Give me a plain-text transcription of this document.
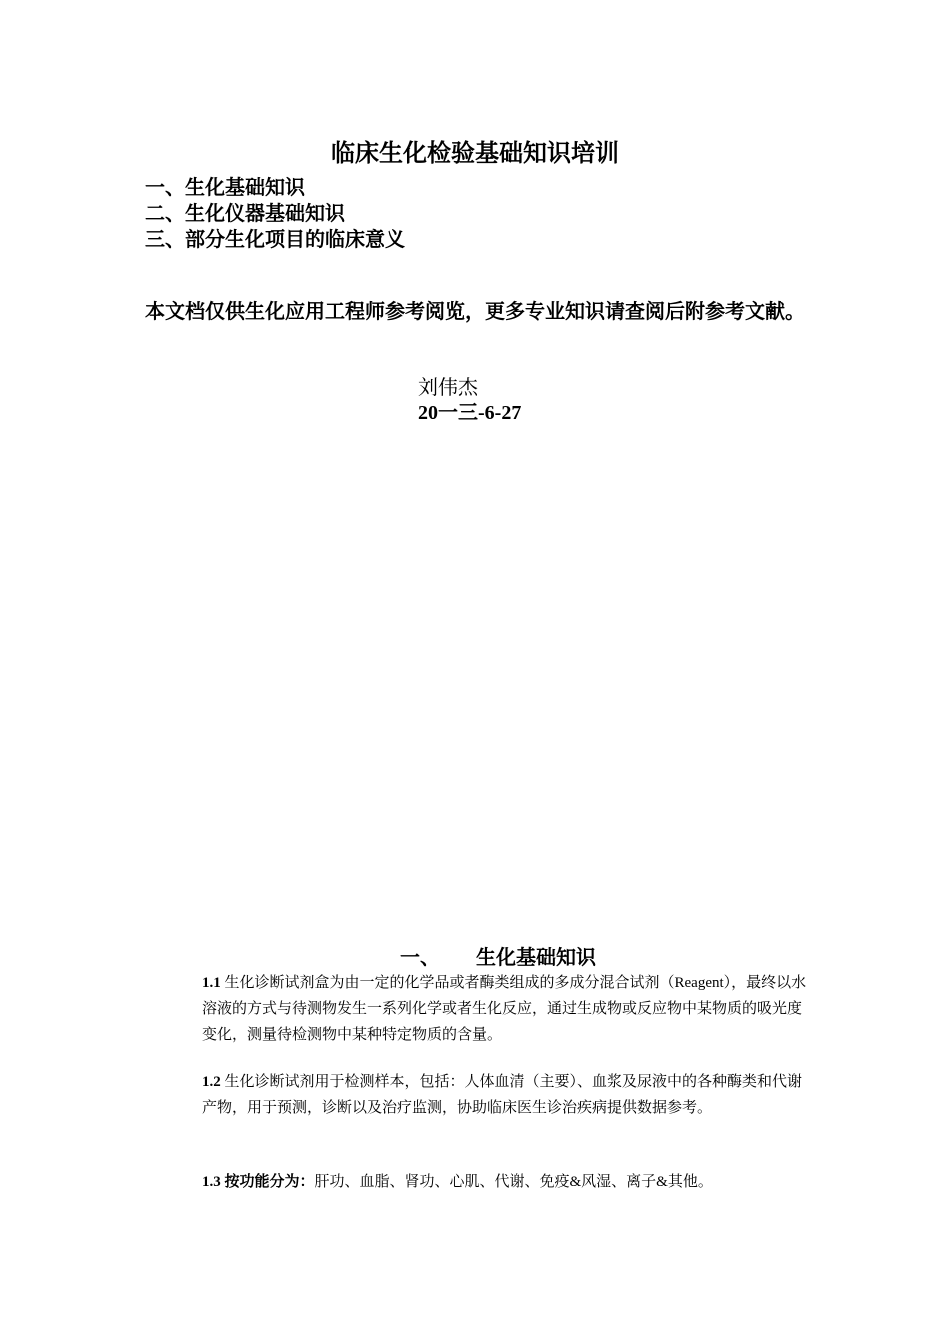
临床生化检验基础知识培训
一、生化基础知识
二、生化仪器基础知识
三、部分生化项目的临床意义
本文档仅供生化应用工程师参考阅览，更多专业知识请查阅后附参考文献。
刘伟杰
20一三-6-27
一、 生化基础知识
1.1 生化诊断试剂盒为由一定的化学品或者酶类组成的多成分混合试剂（Reagent），最终以水溶液的方式与待测物发生一系列化学或者生化反应，通过生成物或反应物中某物质的吸光度变化，测量待检测物中某种特定物质的含量。
1.2 生化诊断试剂用于检测样本，包括：人体血清（主要）、血浆及尿液中的各种酶类和代谢产物，用于预测，诊断以及治疗监测，协助临床医生诊治疾病提供数据参考。
1.3 按功能分为：肝功、血脂、肾功、心肌、代谢、免疫&风湿、离子&其他。
